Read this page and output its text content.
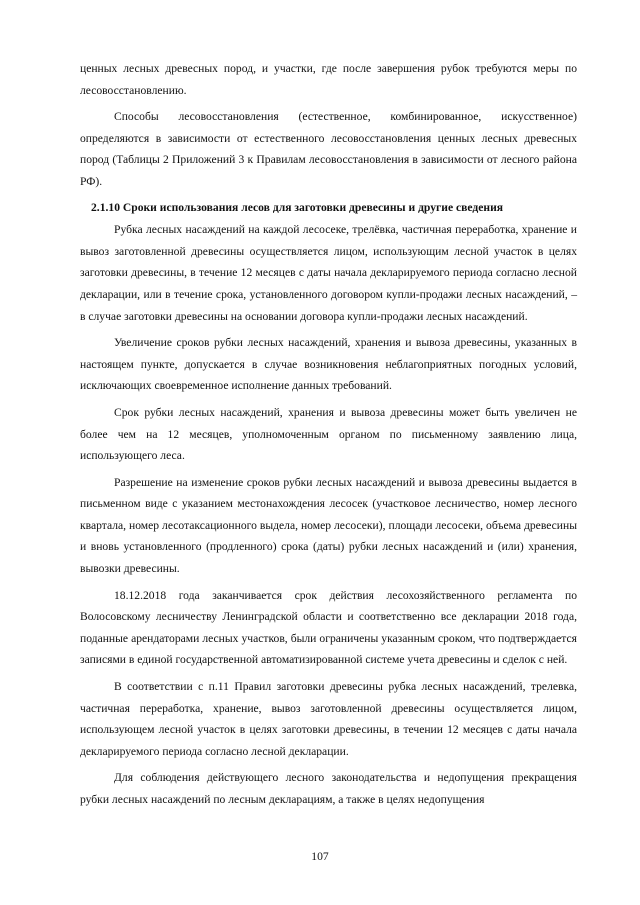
ценных лесных древесных пород, и участки, где после завершения рубок требуются меры по лесовосстановлению.

Способы лесовосстановления (естественное, комбинированное, искусственное) определяются в зависимости от естественного лесовосстановления ценных лесных древесных пород (Таблицы 2 Приложений 3 к Правилам лесовосстановления в зависимости от лесного района РФ).

2.1.10 Сроки использования лесов для заготовки древесины и другие сведения

Рубка лесных насаждений на каждой лесосеке, трелёвка, частичная переработка, хранение и вывоз заготовленной древесины осуществляется лицом, использующим лесной участок в целях заготовки древесины, в течение 12 месяцев с даты начала декларируемого периода согласно лесной декларации, или в течение срока, установленного договором купли-продажи лесных насаждений, – в случае заготовки древесины на основании договора купли-продажи лесных насаждений.

Увеличение сроков рубки лесных насаждений, хранения и вывоза древесины, указанных в настоящем пункте, допускается в случае возникновения неблагоприятных погодных условий, исключающих своевременное исполнение данных требований.

Срок рубки лесных насаждений, хранения и вывоза древесины может быть увеличен не более чем на 12 месяцев, уполномоченным органом по письменному заявлению лица, использующего леса.

Разрешение на изменение сроков рубки лесных насаждений и вывоза древесины выдается в письменном виде с указанием местонахождения лесосек (участковое лесничество, номер лесного квартала, номер лесотаксационного выдела, номер лесосеки), площади лесосеки, объема древесины и вновь установленного (продленного) срока (даты) рубки лесных насаждений и (или) хранения, вывозки древесины.

18.12.2018 года заканчивается срок действия лесохозяйственного регламента по Волосовскому лесничеству Ленинградской области и соответственно все декларации 2018 года, поданные арендаторами лесных участков, были ограничены указанным сроком, что подтверждается записями в единой государственной автоматизированной системе учета древесины и сделок с ней.

В соответствии с п.11 Правил заготовки древесины рубка лесных насаждений, трелевка, частичная переработка, хранение, вывоз заготовленной древесины осуществляется лицом, использующем лесной участок в целях заготовки древесины, в течении 12 месяцев с даты начала декларируемого периода согласно лесной декларации.

Для соблюдения действующего лесного законодательства и недопущения прекращения рубки лесных насаждений по лесным декларациям, а также в целях недопущения

107
